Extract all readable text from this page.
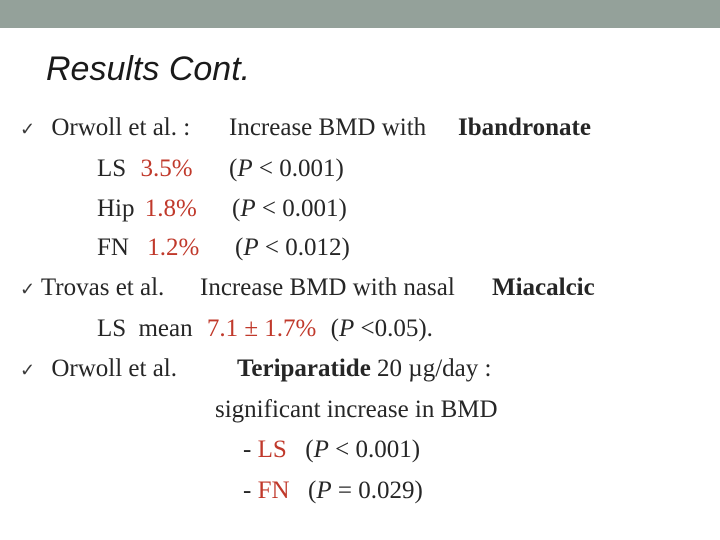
Results Cont.
✓ Orwoll et al. : Increase BMD with Ibandronate
LS 3.5% (P < 0.001)
Hip 1.8% (P < 0.001)
FN 1.2% (P < 0.012)
✓ Trovas et al. Increase BMD with nasal Miacalcic
LS mean 7.1 ± 1.7% (P <0.05).
✓ Orwoll et al. Teriparatide 20 µg/day :
significant increase in BMD
- LS (P < 0.001)
- FN (P = 0.029)
